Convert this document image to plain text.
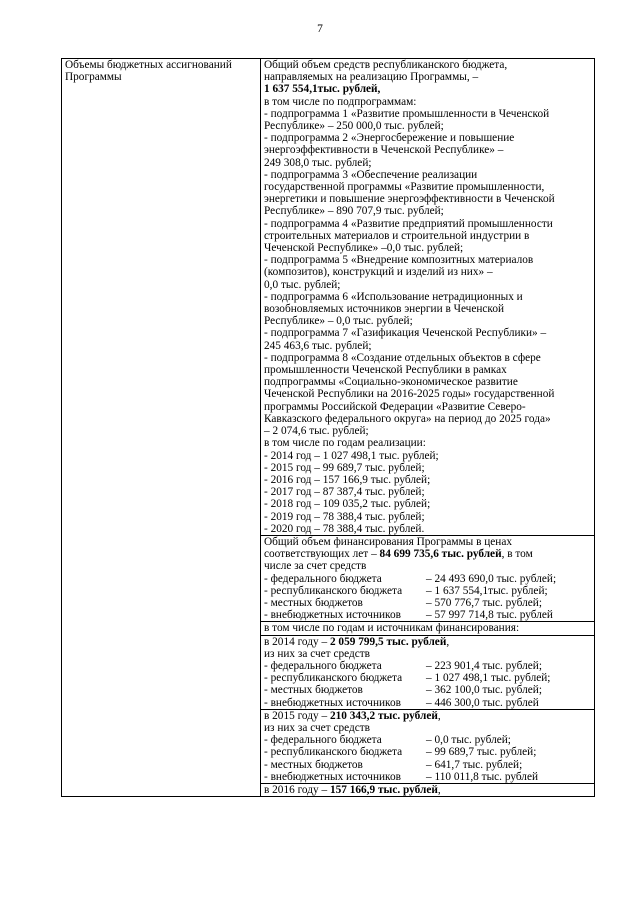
7
Объемы бюджетных ассигнований Программы

Общий объем средств республиканского бюджета,
направляемых на реализацию Программы, –
1 637 554,1тыс. рублей,
в том числе по подпрограммам:
- подпрограмма 1 «Развитие промышленности в Чеченской
Республике» – 250 000,0 тыс. рублей;
- подпрограмма 2 «Энергосбережение и повышение
энергоэффективности в Чеченской Республике» –
249 308,0 тыс. рублей;
- подпрограмма 3 «Обеспечение реализации
государственной программы «Развитие промышленности,
энергетики и повышение энергоэффективности в Чеченской
Республике» – 890 707,9 тыс. рублей;
- подпрограмма 4 «Развитие предприятий промышленности
строительных материалов и строительной индустрии в
Чеченской Республике» –0,0 тыс. рублей;
- подпрограмма 5 «Внедрение композитных материалов
(композитов), конструкций и изделий из них» –
0,0 тыс. рублей;
- подпрограмма 6 «Использование нетрадиционных и
возобновляемых источников энергии в Чеченской
Республике» – 0,0 тыс. рублей;
- подпрограмма 7 «Газификация Чеченской Республики» –
245 463,6 тыс. рублей;
- подпрограмма 8 «Создание отдельных объектов в сфере
промышленности Чеченской Республики в рамках
подпрограммы «Социально-экономическое развитие
Чеченской Республики на 2016-2025 годы» государственной
программы Российской Федерации «Развитие Северо-
Кавказского федерального округа» на период до 2025 года»
– 2 074,6 тыс. рублей;
в том числе по годам реализации:
- 2014 год – 1 027 498,1 тыс. рублей;
- 2015 год – 99 689,7 тыс. рублей;
- 2016 год – 157 166,9 тыс. рублей;
- 2017 год – 87 387,4 тыс. рублей;
- 2018 год – 109 035,2 тыс. рублей;
- 2019 год – 78 388,4 тыс. рублей;
- 2020 год – 78 388,4 тыс. рублей.

Общий объем финансирования Программы в ценах
соответствующих лет – 84 699 735,6 тыс. рублей, в том
числе за счет средств
- федерального бюджета	– 24 493 690,0 тыс. рублей;
- республиканского бюджета – 1 637 554,1тыс. рублей;
- местных бюджетов	– 570 776,7 тыс. рублей;
- внебюджетных источников – 57 997 714,8 тыс. рублей

в том числе по годам и источникам финансирования:

в 2014 году – 2 059 799,5 тыс. рублей,
из них за счет средств
- федерального бюджета	– 223 901,4 тыс. рублей;
- республиканского бюджета – 1 027 498,1 тыс. рублей;
- местных бюджетов	– 362 100,0 тыс. рублей;
- внебюджетных источников – 446 300,0 тыс. рублей

в 2015 году – 210 343,2 тыс. рублей,
из них за счет средств
- федерального бюджета	– 0,0 тыс. рублей;
- республиканского бюджета – 99 689,7 тыс. рублей;
- местных бюджетов	– 641,7 тыс. рублей;
- внебюджетных источников – 110 011,8 тыс. рублей

в 2016 году – 157 166,9 тыс. рублей,
